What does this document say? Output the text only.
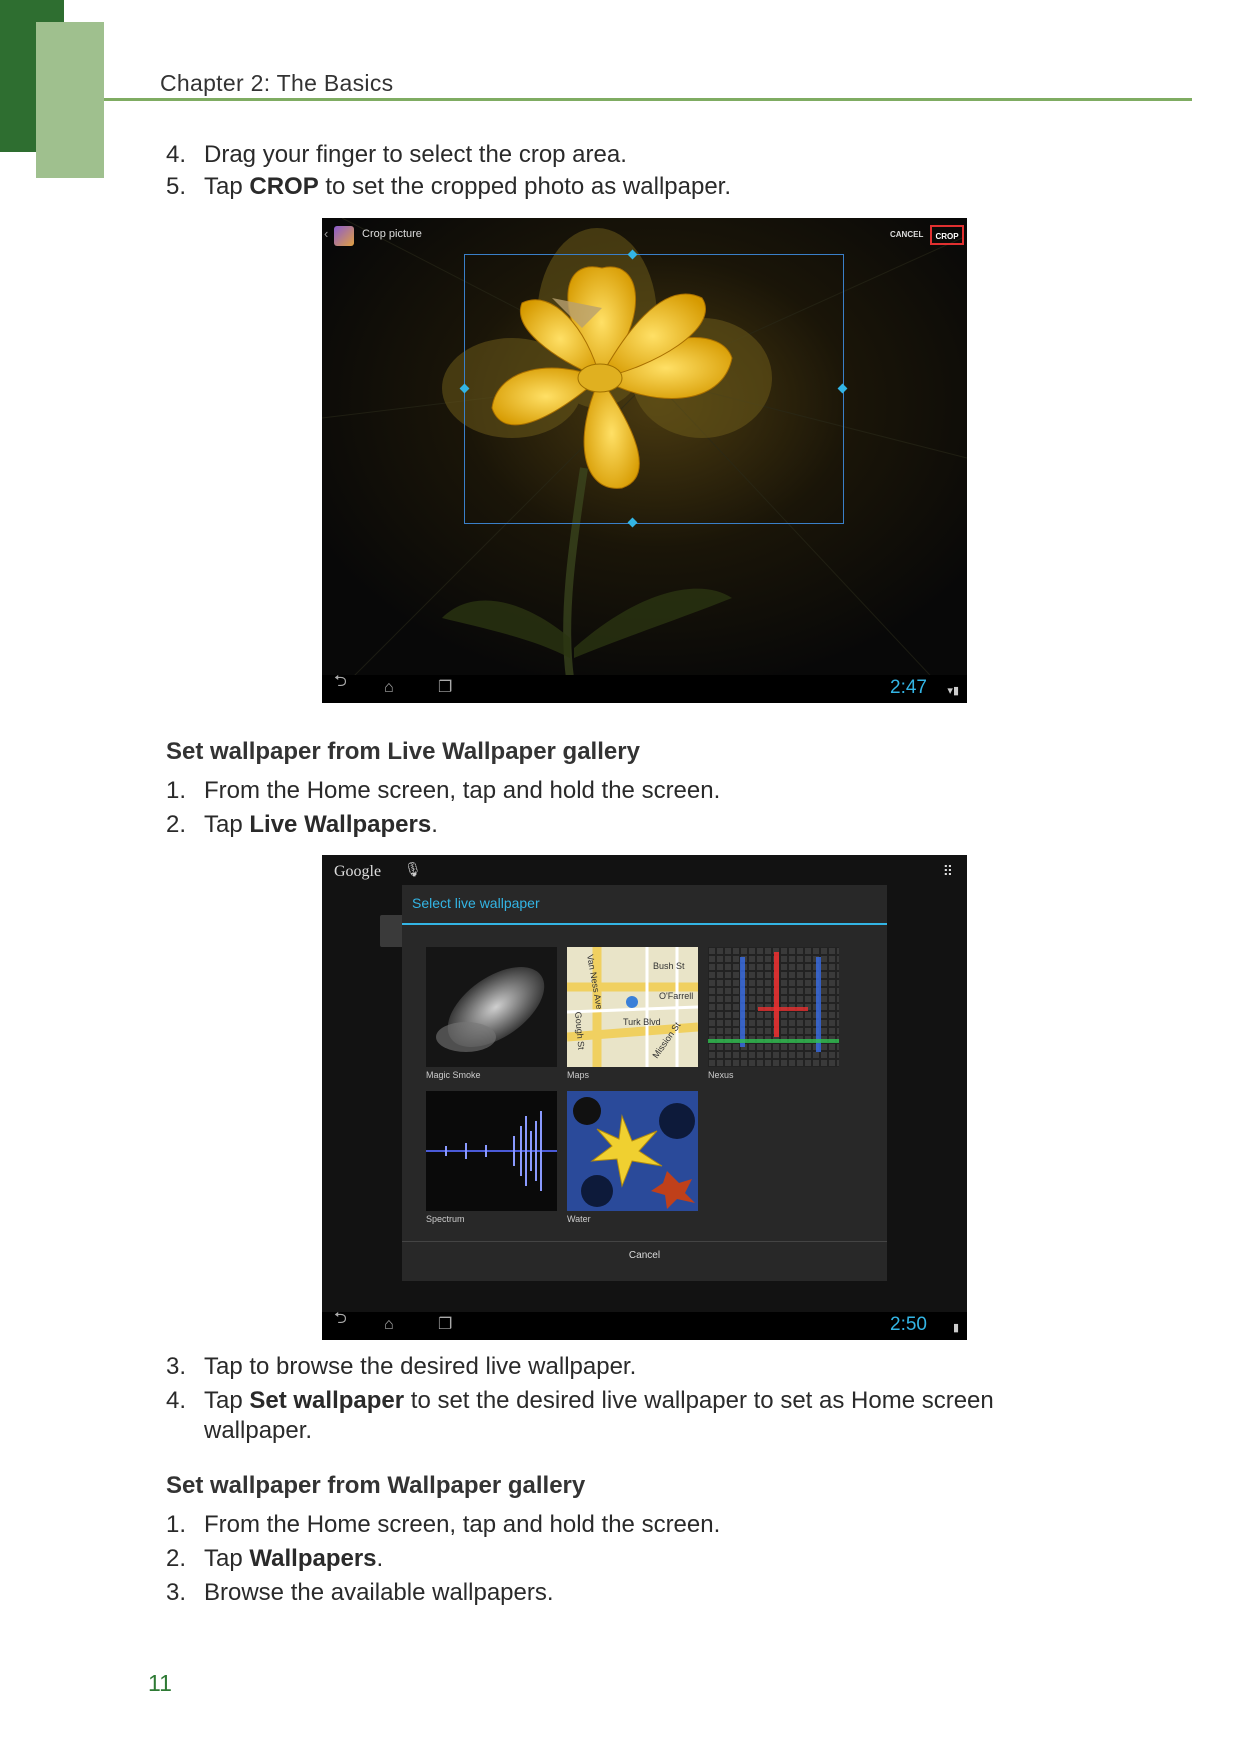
Chapter 2: The Basics
4. Drag your finger to select the crop area.
5. Tap CROP to set the cropped photo as wallpaper.
‹	Crop picture	CANCEL	CROP
⮌ ⌂	❐	2:47 ▾▮
Set wallpaper from Live Wallpaper gallery
1. From the Home screen, tap and hold the screen.
2. Tap Live Wallpapers.
Google 🎙	⠿
Select live wallpaper
Magic Smoke
Bush St
O'Farrell
Turk Blvd
Van Ness Ave
Gough St	Mission St
Maps	Nexus
Spectrum	Water
Cancel
⮌ ⌂	❐	2:50 ▮
3. Tap to browse the desired live wallpaper.
4. Tap Set wallpaper to set the desired live wallpaper to set as Home screen
wallpaper.
Set wallpaper from Wallpaper gallery
1. From the Home screen, tap and hold the screen.
2. Tap Wallpapers.
3. Browse the available wallpapers.
11
